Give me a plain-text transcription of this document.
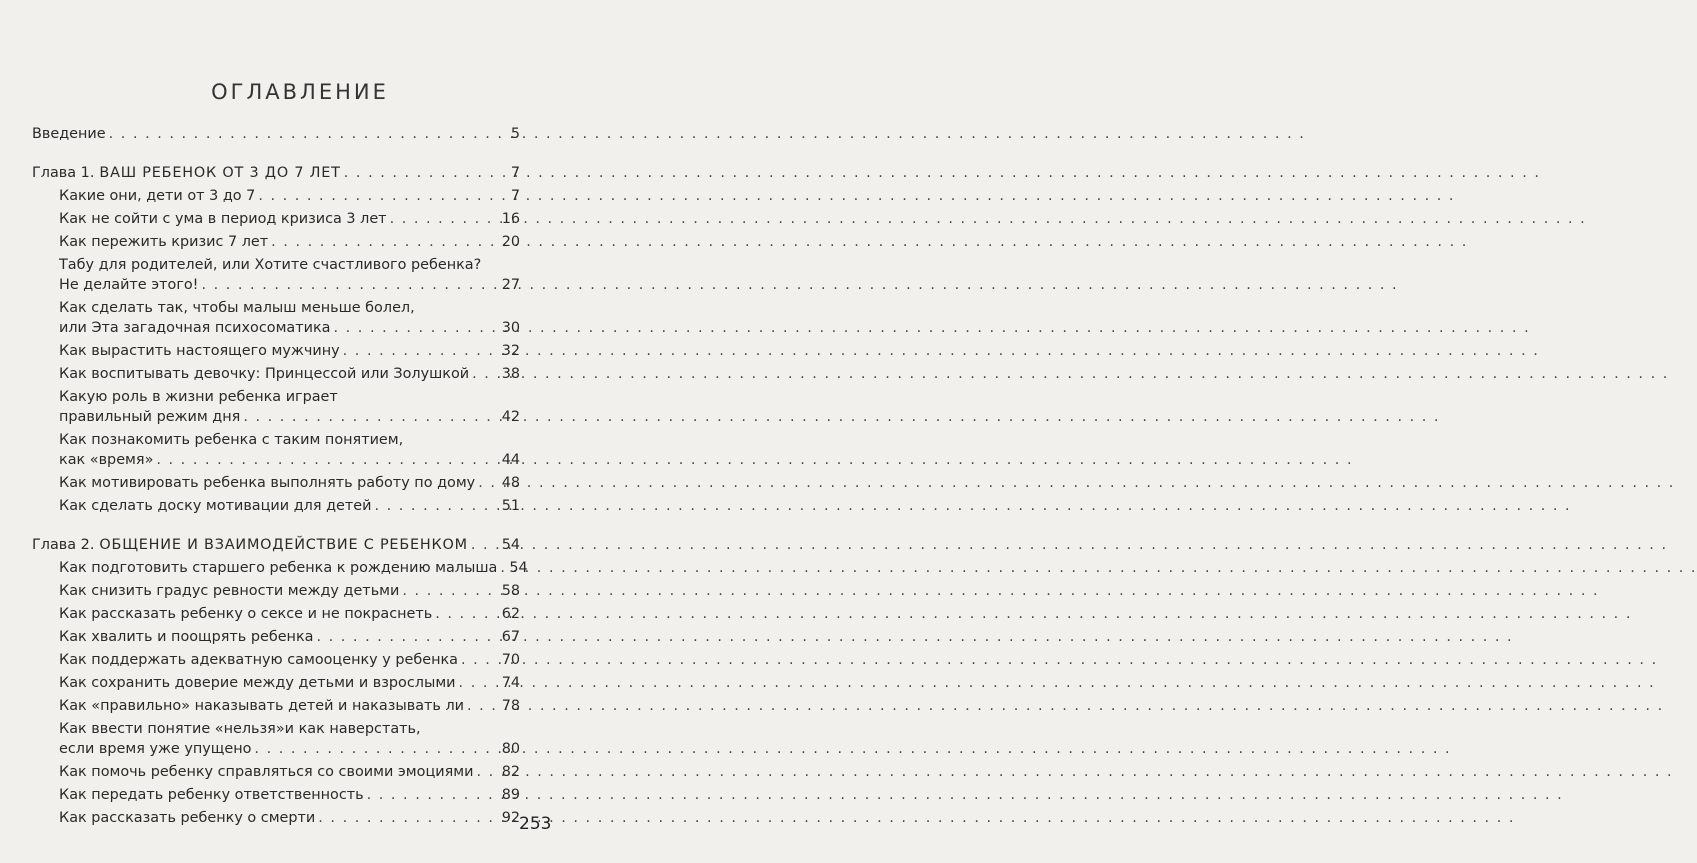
ОГЛАВЛЕНИЕ
Введение . . .	5
Глава 1. ВАШ РЕБЕНОК ОТ 3 ДО 7 ЛЕТ . . .	7
Какие они, дети от 3 до 7 . . .	7
Как не сойти с ума в период кризиса 3 лет . . .	16
Как пережить кризис 7 лет . . .	20
Табу для родителей, или Хотите счастливого ребенка?
Не делайте этого! . . .	27
Как сделать так, чтобы малыш меньше болел,
или Эта загадочная психосоматика . . .	30
Как вырастить настоящего мужчину . . .	32
Как воспитывать девочку: Принцессой или Золушкой . . . 38
Какую роль в жизни ребенка играет
правильный режим дня . . .	42
Как познакомить ребенка с таким понятием,
как «время» . . .	44
Как мотивировать ребенка выполнять работу по дому . . . 48
Как сделать доску мотивации для детей . . .	51
Глава 2. ОБЩЕНИЕ И ВЗАИМОДЕЙСТВИЕ С РЕБЕНКОМ . . . 54
Как подготовить старшего ребенка к рождению малыша . . . 54
Как снизить градус ревности между детьми . . .	58
Как рассказать ребенку о сексе и не покраснеть . . .	62
Как хвалить и поощрять ребенка . . .	67
Как поддержать адекватную самооценку у ребенка . . .	70
Как сохранить доверие между детьми и взрослыми . . .	74
Как «правильно» наказывать детей и наказывать ли . . .	78
Как ввести понятие «нельзя»и как наверстать,
если время уже упущено . . .	80
Как помочь ребенку справляться со своими эмоциями . . . 82
Как передать ребенку ответственность . . .	89
Как рассказать ребенку о смерти . . .	92 253
